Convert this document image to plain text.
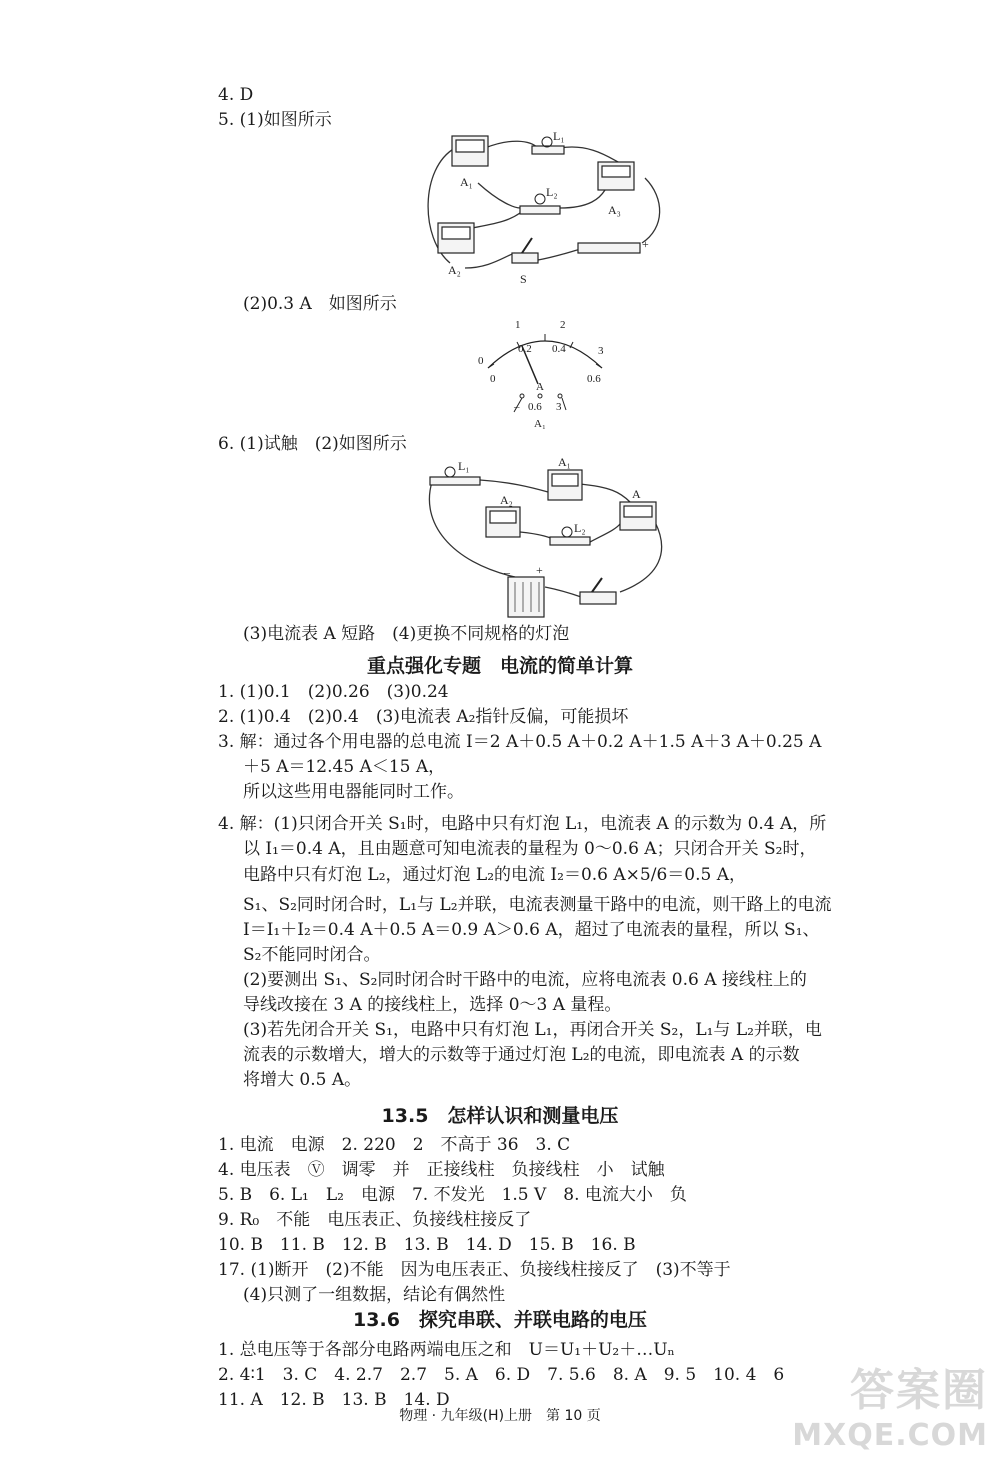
4. D
5. (1)如图所示
A₁
A₃
A₂
L₁
L₂
S
+
(2)0.3 A　如图所示
0
1	2
3
0
0.2 0.4
0.6
A
– 0.6 3
A₁
6. (1)试触　(2)如图所示
L₁
L₂
A₁
A₂	A
+
–
(3)电流表 A 短路　(4)更换不同规格的灯泡
重点强化专题　电流的简单计算
1. (1)0.1　(2)0.26　(3)0.24
2. (1)0.4　(2)0.4　(3)电流表 A₂指针反偏，可能损坏
3. 解：通过各个用电器的总电流 I＝2 A＋0.5 A＋0.2 A＋1.5 A＋3 A＋0.25 A
＋5 A＝12.45 A＜15 A，
所以这些用电器能同时工作。
4. 解：(1)只闭合开关 S₁时，电路中只有灯泡 L₁，电流表 A 的示数为 0.4 A，所
以 I₁＝0.4 A，且由题意可知电流表的量程为 0～0.6 A；只闭合开关 S₂时，
电路中只有灯泡 L₂，通过灯泡 L₂的电流 I₂＝0.6 A×5/6＝0.5 A，
S₁、S₂同时闭合时，L₁与 L₂并联，电流表测量干路中的电流，则干路上的电流
I＝I₁＋I₂＝0.4 A＋0.5 A＝0.9 A＞0.6 A，超过了电流表的量程，所以 S₁、
S₂不能同时闭合。
(2)要测出 S₁、S₂同时闭合时干路中的电流，应将电流表 0.6 A 接线柱上的
导线改接在 3 A 的接线柱上，选择 0～3 A 量程。
(3)若先闭合开关 S₁，电路中只有灯泡 L₁，再闭合开关 S₂，L₁与 L₂并联，电
流表的示数增大，增大的示数等于通过灯泡 L₂的电流，即电流表 A 的示数
将增大 0.5 A。
13.5　怎样认识和测量电压
1. 电流　电源　2. 220　2　不高于 36　3. C
4. 电压表　Ⓥ　调零　并　正接线柱　负接线柱　小　试触
5. B　6. L₁　L₂　电源　7. 不发光　1.5 V　8. 电流大小　负
9. R₀　不能　电压表正、负接线柱接反了
10. B　11. B　12. B　13. B　14. D　15. B　16. B
17. (1)断开　(2)不能　因为电压表正、负接线柱接反了　(3)不等于
(4)只测了一组数据，结论有偶然性
13.6　探究串联、并联电路的电压
1. 总电压等于各部分电路两端电压之和　U＝U₁＋U₂＋…Uₙ
2. 4∶1　3. C　4. 2.7　2.7　5. A　6. D　7. 5.6　8. A　9. 5　10. 4　6
11. A　12. B　13. B　14. D
物理 · 九年级(H)上册　第 10 页	答案圈
MXQE.COM
